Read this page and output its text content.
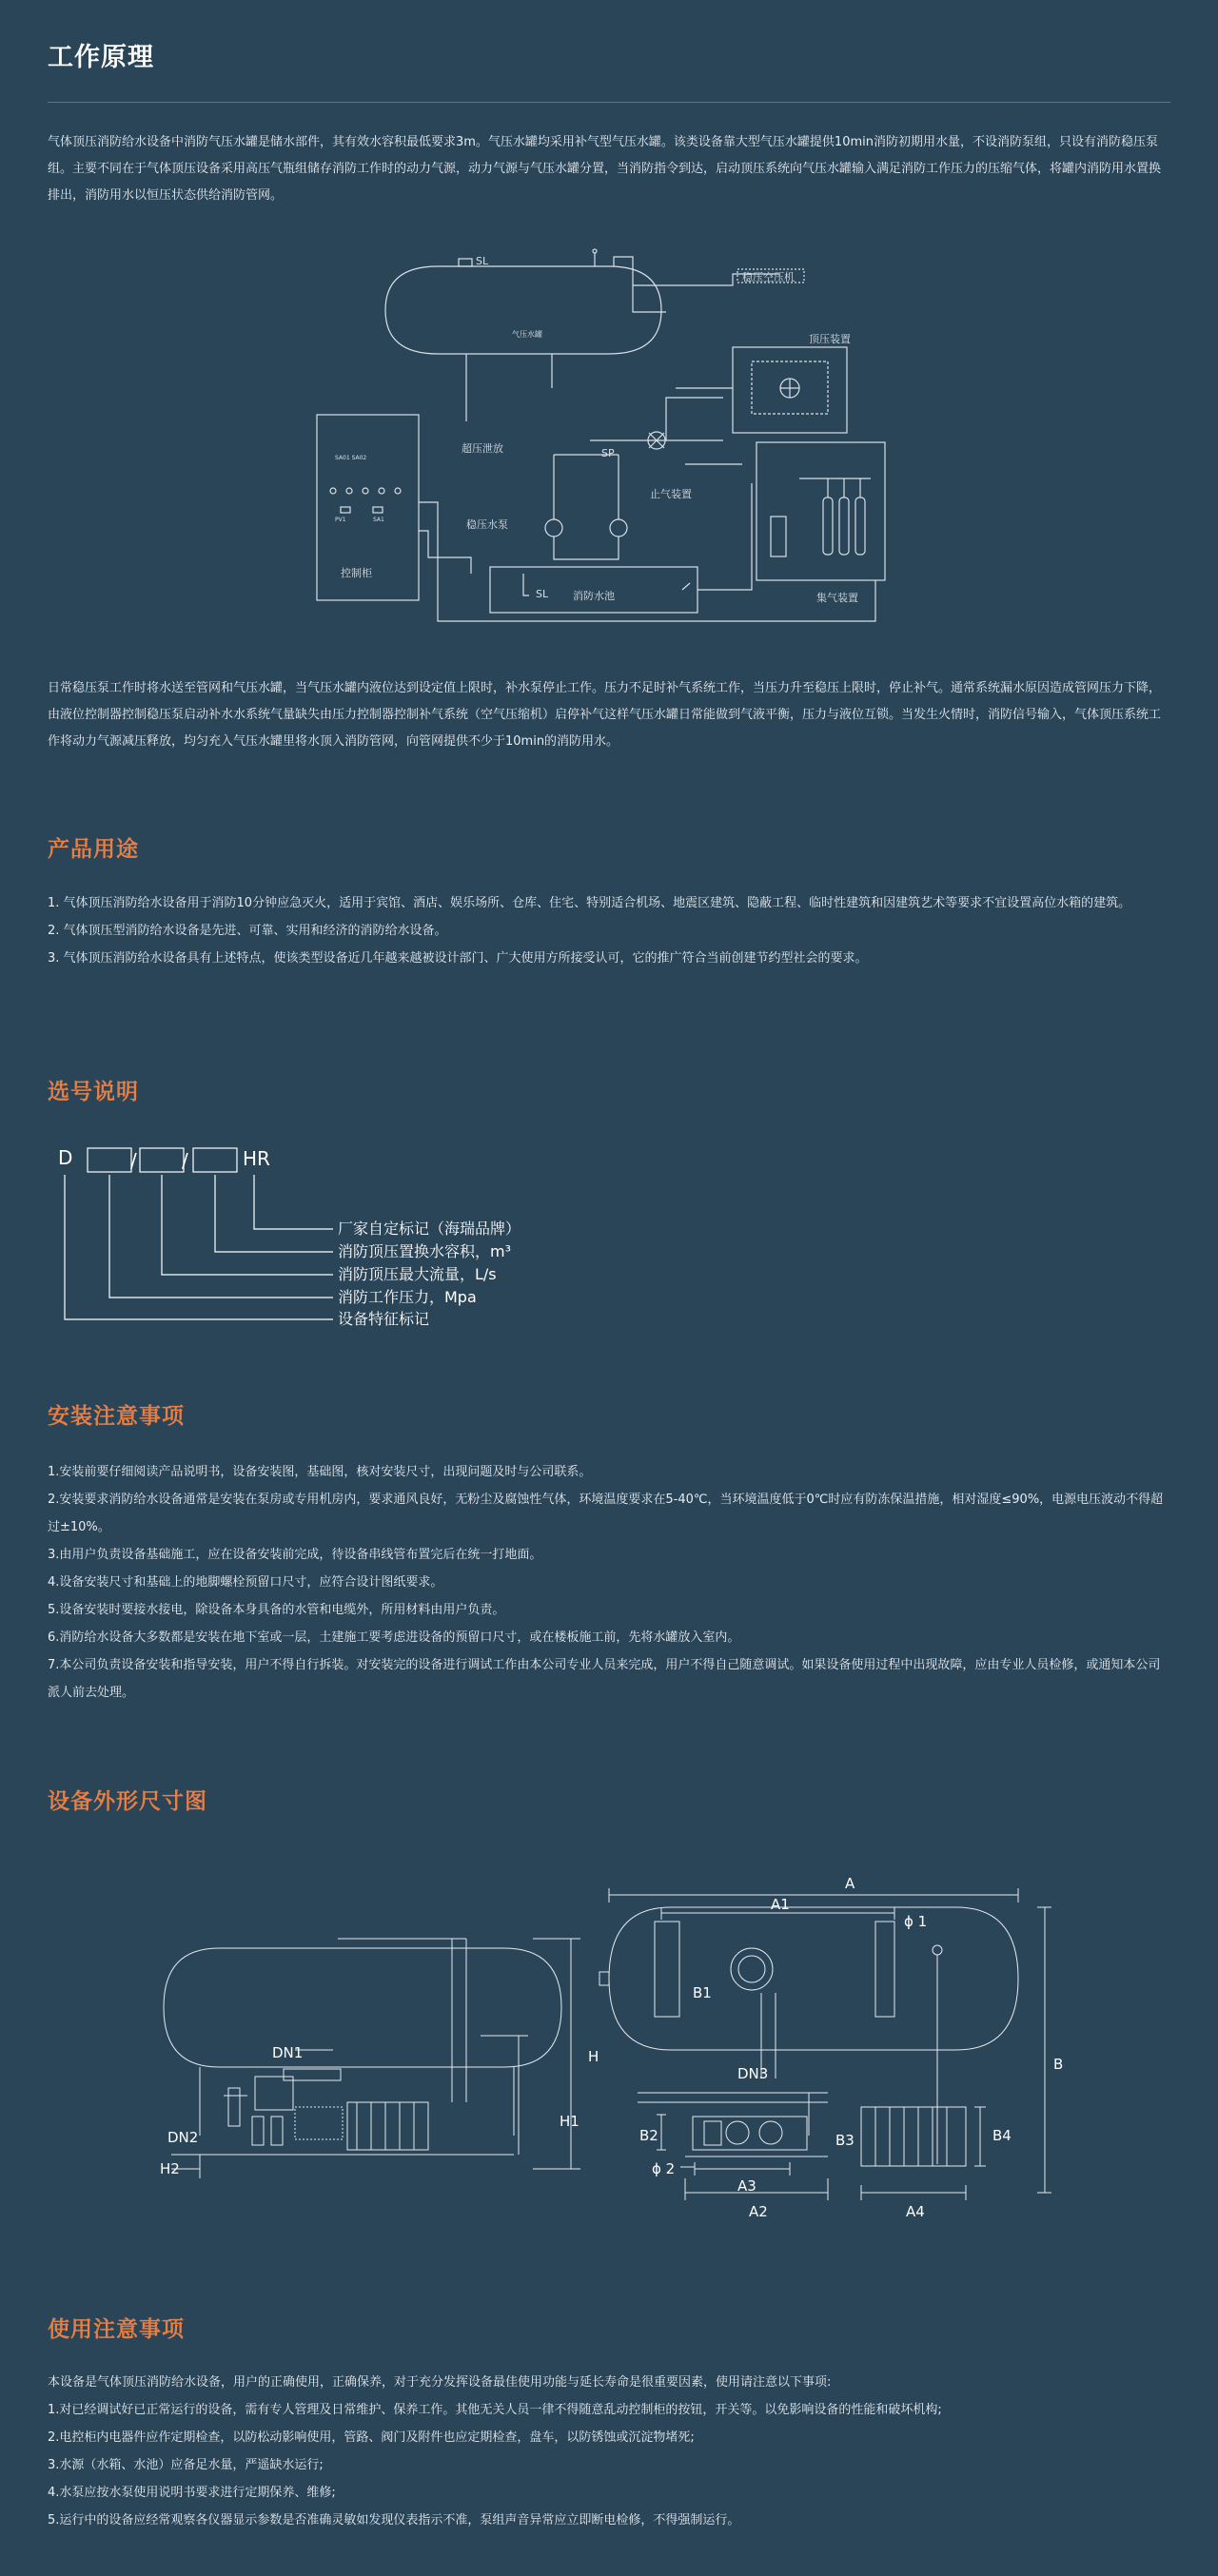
工作原理
气体顶压消防给水设备中消防气压水罐是储水部件，其有效水容积最低要求3m。气压水罐均采用补气型气压水罐。该类设备靠大型气压水罐提供10min消防初期用水量，不设消防泵组，只设有消防稳压泵组。主要不同在于气体顶压设备采用高压气瓶组储存消防工作时的动力气源，动力气源与气压水罐分置，当消防指令到达，启动顶压系统向气压水罐输入满足消防工作压力的压缩气体，将罐内消防用水置换排出，消防用水以恒压状态供给消防管网。
气压水罐
SL
稳压空压机
顶压装置
超压泄放	SP
止气装置
稳压水泵
控制柜
SA01 SA02
PV1	SA1
SL 消防水池	集气装置
日常稳压泵工作时将水送至管网和气压水罐，当气压水罐内液位达到设定值上限时，补水泵停止工作。压力不足时补气系统工作，当压力升至稳压上限时，停止补气。通常系统漏水原因造成管网压力下降，由液位控制器控制稳压泵启动补水水系统气量缺失由压力控制器控制补气系统（空气压缩机）启停补气这样气压水罐日常能做到气液平衡，压力与液位互锁。当发生火情时，消防信号输入，气体顶压系统工作将动力气源减压释放，均匀充入气压水罐里将水顶入消防管网，向管网提供不少于10min的消防用水。
产品用途
1. 气体顶压消防给水设备用于消防10分钟应急灭火，适用于宾馆、酒店、娱乐场所、仓库、住宅、特别适合机场、地震区建筑、隐蔽工程、临时性建筑和因建筑艺术等要求不宜设置高位水箱的建筑。
2. 气体顶压型消防给水设备是先进、可靠、实用和经济的消防给水设备。
3. 气体顶压消防给水设备具有上述特点，使该类型设备近几年越来越被设计部门、广大使用方所接受认可，它的推广符合当前创建节约型社会的要求。
选号说明
D	/ /	HR
厂家自定标记（海瑞品牌）
消防顶压置换水容积，m³
消防顶压最大流量，L/s
消防工作压力，Mpa
设备特征标记
安装注意事项
1.安装前要仔细阅读产品说明书，设备安装图，基础图，核对安装尺寸，出现问题及时与公司联系。
2.安装要求消防给水设备通常是安装在泵房或专用机房内，要求通风良好，无粉尘及腐蚀性气体，环境温度要求在5-40℃，当环境温度低于0℃时应有防冻保温措施，相对湿度≤90%，电源电压波动不得超过±10%。
3.由用户负责设备基础施工，应在设备安装前完成，待设备串线管布置完后在统一打地面。
4.设备安装尺寸和基础上的地脚螺栓预留口尺寸，应符合设计图纸要求。
5.设备安装时要接水接电，除设备本身具备的水管和电缆外，所用材料由用户负责。
6.消防给水设备大多数都是安装在地下室或一层，土建施工要考虑进设备的预留口尺寸，或在楼板施工前，先将水罐放入室内。
7.本公司负责设备安装和指导安装，用户不得自行拆装。对安装完的设备进行调试工作由本公司专业人员来完成，用户不得自己随意调试。如果设备使用过程中出现故障，应由专业人员检修，或通知本公司派人前去处理。
设备外形尺寸图
A
A1
A2
A3
A4
B
B1
B2	B3	B4
H
H1
H2
DN1
DN2
DN3
ϕ 1
ϕ 2
使用注意事项
本设备是气体顶压消防给水设备，用户的正确使用，正确保养，对于充分发挥设备最佳使用功能与延长寿命是很重要因素，使用请注意以下事项:
1.对已经调试好已正常运行的设备，需有专人管理及日常维护、保养工作。其他无关人员一律不得随意乱动控制柜的按钮，开关等。以免影响设备的性能和破坏机构;
2.电控柜内电器件应作定期检查，以防松动影响使用，管路、阀门及附件也应定期检查，盘车，以防锈蚀或沉淀物堵死;
3.水源（水箱、水池）应备足水量，严遥缺水运行;
4.水泵应按水泵使用说明书要求进行定期保养、维修;
5.运行中的设备应经常观察各仪器显示参数是否准确灵敏如发现仪表指示不准，泵组声音异常应立即断电检修，不得强制运行。
